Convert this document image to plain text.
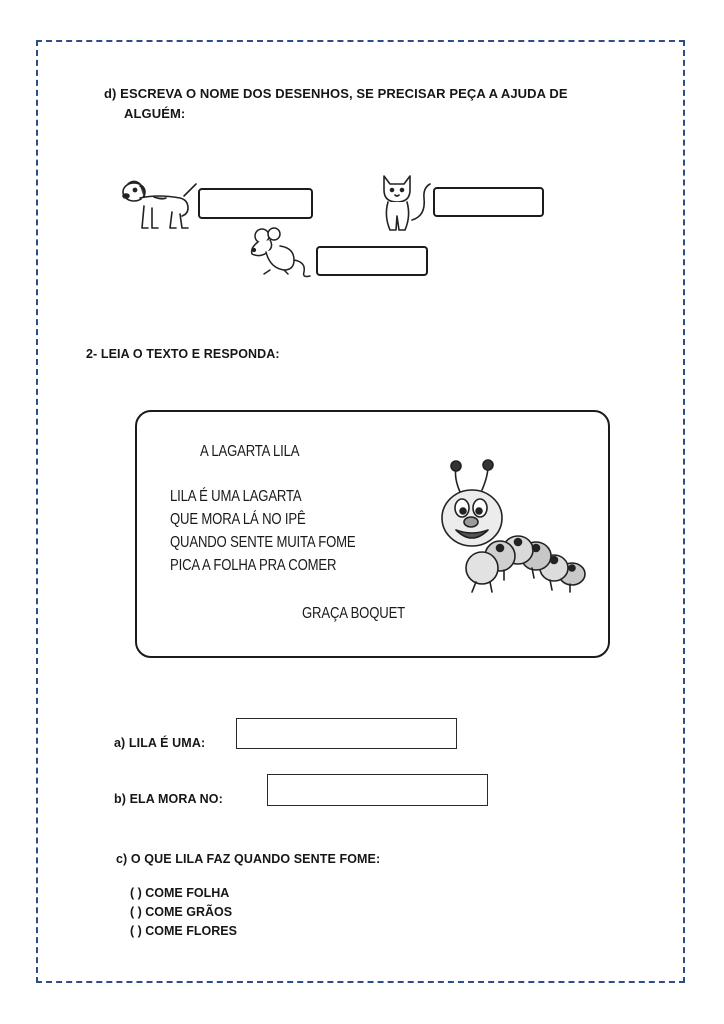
d) ESCREVA O NOME DOS DESENHOS, SE PRECISAR PEÇA A AJUDA DE
ALGUÉM:
2- LEIA O TEXTO E RESPONDA:
A LAGARTA LILA
LILA É UMA LAGARTA
QUE MORA LÁ NO IPÊ
QUANDO SENTE MUITA FOME
PICA A FOLHA PRA COMER
GRAÇA BOQUET
a) LILA É UMA:
b) ELA MORA NO:
c) O QUE LILA FAZ QUANDO SENTE FOME:
( ) COME FOLHA
( ) COME GRÃOS
( ) COME FLORES
